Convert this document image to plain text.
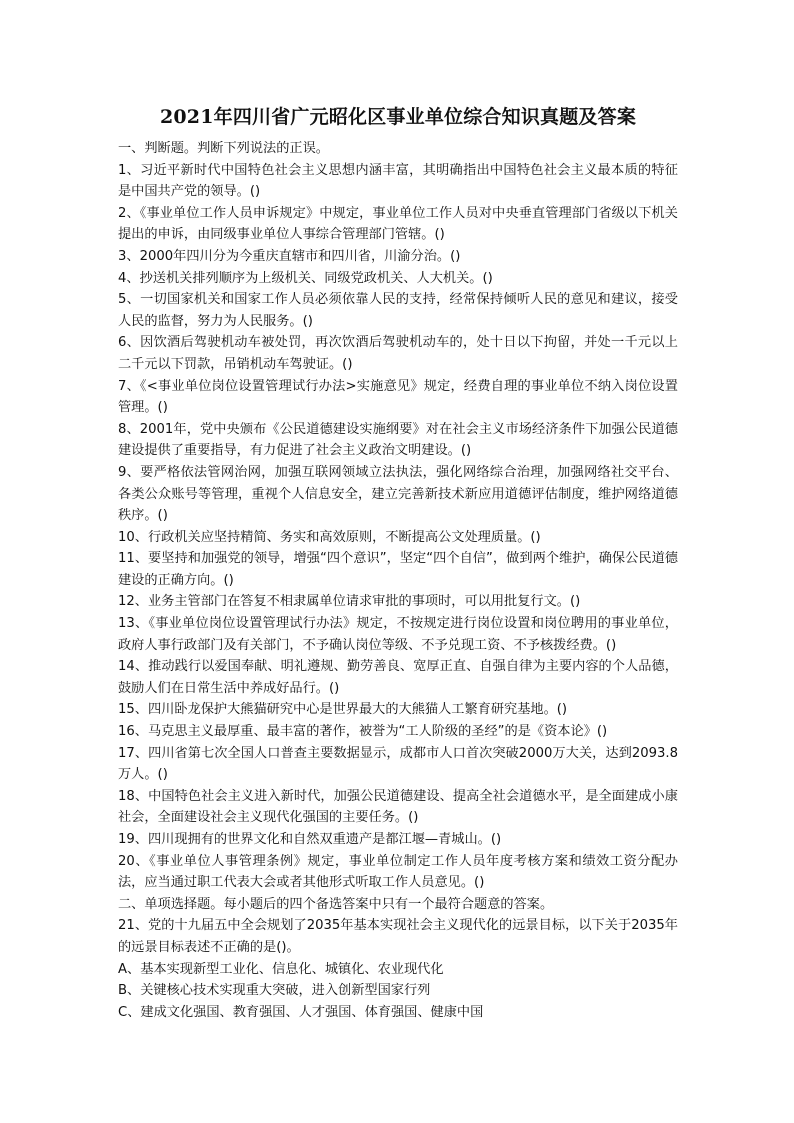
2021年四川省广元昭化区事业单位综合知识真题及答案

一、判断题。判断下列说法的正误。

1、习近平新时代中国特色社会主义思想内涵丰富，其明确指出中国特色社会主义最本质的特征是中国共产党的领导。()

2、《事业单位工作人员申诉规定》中规定，事业单位工作人员对中央垂直管理部门省级以下机关提出的申诉，由同级事业单位人事综合管理部门管辖。()

3、2000年四川分为今重庆直辖市和四川省，川渝分治。()

4、抄送机关排列顺序为上级机关、同级党政机关、人大机关。()

5、一切国家机关和国家工作人员必须依靠人民的支持，经常保持倾听人民的意见和建议，接受人民的监督，努力为人民服务。()

6、因饮酒后驾驶机动车被处罚，再次饮酒后驾驶机动车的，处十日以下拘留，并处一千元以上二千元以下罚款，吊销机动车驾驶证。()

7、《<事业单位岗位设置管理试行办法>实施意见》规定，经费自理的事业单位不纳入岗位设置管理。()

8、2001年，党中央颁布《公民道德建设实施纲要》对在社会主义市场经济条件下加强公民道德建设提供了重要指导，有力促进了社会主义政治文明建设。()

9、要严格依法管网治网，加强互联网领域立法执法，强化网络综合治理，加强网络社交平台、各类公众账号等管理，重视个人信息安全，建立完善新技术新应用道德评估制度，维护网络道德秩序。()

10、行政机关应坚持精简、务实和高效原则，不断提高公文处理质量。()

11、要坚持和加强党的领导，增强“四个意识”，坚定“四个自信”，做到两个维护，确保公民道德建设的正确方向。()

12、业务主管部门在答复不相隶属单位请求审批的事项时，可以用批复行文。()

13、《事业单位岗位设置管理试行办法》规定，不按规定进行岗位设置和岗位聘用的事业单位，政府人事行政部门及有关部门，不予确认岗位等级、不予兑现工资、不予核拨经费。()

14、推动践行以爱国奉献、明礼遵规、勤劳善良、宽厚正直、自强自律为主要内容的个人品德，鼓励人们在日常生活中养成好品行。()

15、四川卧龙保护大熊猫研究中心是世界最大的大熊猫人工繁育研究基地。()

16、马克思主义最厚重、最丰富的著作，被誉为“工人阶级的圣经”的是《资本论》()

17、四川省第七次全国人口普查主要数据显示，成都市人口首次突破2000万大关，达到2093.8万人。()

18、中国特色社会主义进入新时代，加强公民道德建设、提高全社会道德水平，是全面建成小康社会，全面建设社会主义现代化强国的主要任务。()

19、四川现拥有的世界文化和自然双重遗产是都江堰—青城山。()

20、《事业单位人事管理条例》规定，事业单位制定工作人员年度考核方案和绩效工资分配办法，应当通过职工代表大会或者其他形式听取工作人员意见。()

二、单项选择题。每小题后的四个备选答案中只有一个最符合题意的答案。

21、党的十九届五中全会规划了2035年基本实现社会主义现代化的远景目标，以下关于2035年的远景目标表述不正确的是()。

A、基本实现新型工业化、信息化、城镇化、农业现代化

B、关键核心技术实现重大突破，进入创新型国家行列

C、建成文化强国、教育强国、人才强国、体育强国、健康中国
